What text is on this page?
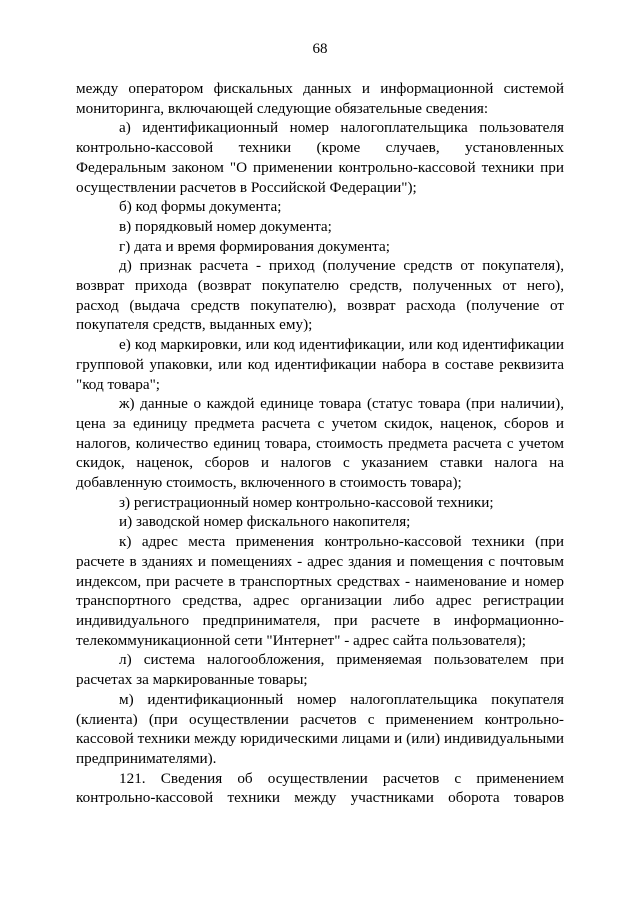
68

между оператором фискальных данных и информационной системой мониторинга, включающей следующие обязательные сведения:

а) идентификационный номер налогоплательщика пользователя контрольно-кассовой техники (кроме случаев, установленных Федеральным законом "О применении контрольно-кассовой техники при осуществлении расчетов в Российской Федерации");

б) код формы документа;

в) порядковый номер документа;

г) дата и время формирования документа;

д) признак расчета - приход (получение средств от покупателя), возврат прихода (возврат покупателю средств, полученных от него), расход (выдача средств покупателю), возврат расхода (получение от покупателя средств, выданных ему);

е) код маркировки, или код идентификации, или код идентификации групповой упаковки, или код идентификации набора в составе реквизита "код товара";

ж) данные о каждой единице товара (статус товара (при наличии), цена за единицу предмета расчета с учетом скидок, наценок, сборов и налогов, количество единиц товара, стоимость предмета расчета с учетом скидок, наценок, сборов и налогов с указанием ставки налога на добавленную стоимость, включенного в стоимость товара);

з) регистрационный номер контрольно-кассовой техники;

и) заводской номер фискального накопителя;

к) адрес места применения контрольно-кассовой техники (при расчете в зданиях и помещениях - адрес здания и помещения с почтовым индексом, при расчете в транспортных средствах - наименование и номер транспортного средства, адрес организации либо адрес регистрации индивидуального предпринимателя, при расчете в информационно-телекоммуникационной сети "Интернет" - адрес сайта пользователя);

л) система налогообложения, применяемая пользователем при расчетах за маркированные товары;

м) идентификационный номер налогоплательщика покупателя (клиента) (при осуществлении расчетов с применением контрольно-кассовой техники между юридическими лицами и (или) индивидуальными предпринимателями).

121. Сведения об осуществлении расчетов с применением контрольно-кассовой техники между участниками оборота товаров
